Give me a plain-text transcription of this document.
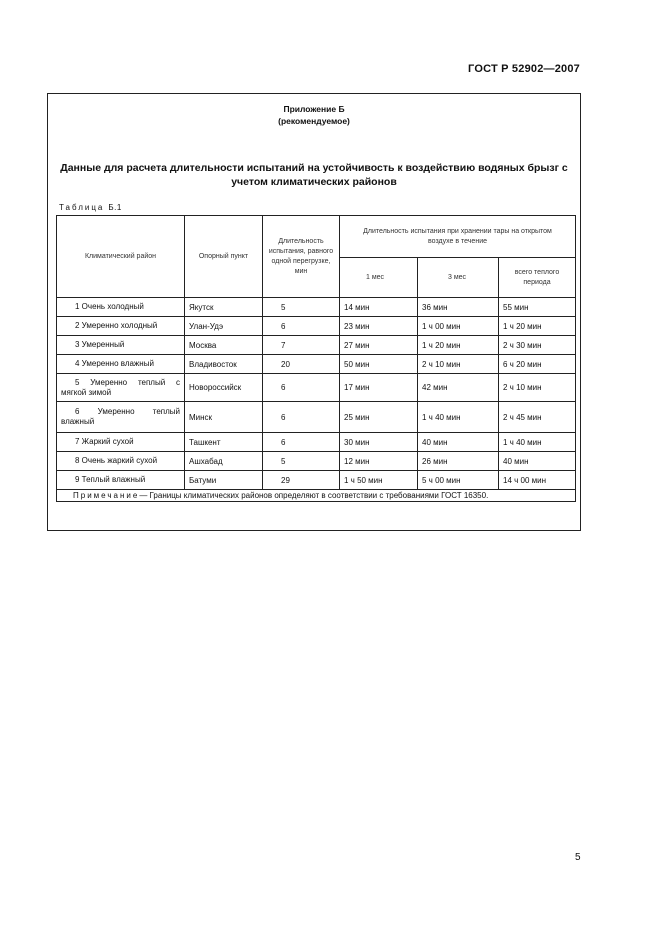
ГОСТ Р 52902—2007
Приложение Б
(рекомендуемое)
Данные для расчета длительности испытаний на устойчивость к воздействию водяных брызг с учетом климатических районов
Таблица Б.1
Климатический район	Опорный пункт	Длительность испытания, равного одной перегрузке, мин	Длительность испытания при хранении тары на открытом воздухе в течение		
			1 мес	3 мес	всего теплого периода
1 Очень холодный	Якутск	5	14 мин	36 мин	55 мин
2 Умеренно холодный	Улан-Удэ	6	23 мин	1 ч 00 мин	1 ч 20 мин
3 Умеренный	Москва	7	27 мин	1 ч 20 мин	2 ч 30 мин
4 Умеренно влажный	Владивосток	20	50 мин	2 ч 10 мин	6 ч 20 мин

5 Умеренно теплый с
мягкой зимой	Новороссийск	6	17 мин	42 мин	2 ч 10 мин

6 Умеренно теплый
влажный	Минск	6	25 мин	1 ч 40 мин	2 ч 45 мин
7 Жаркий сухой	Ташкент	6	30 мин	40 мин	1 ч 40 мин
8 Очень жаркий сухой	Ашхабад	5	12 мин	26 мин	40 мин
9 Теплый влажный	Батуми	29	1 ч 50 мин	5 ч 00 мин	14 ч 00 мин
Примечание— Границы климатических районов определяют в соответствии с требованиями ГОСТ 16350.					
5
